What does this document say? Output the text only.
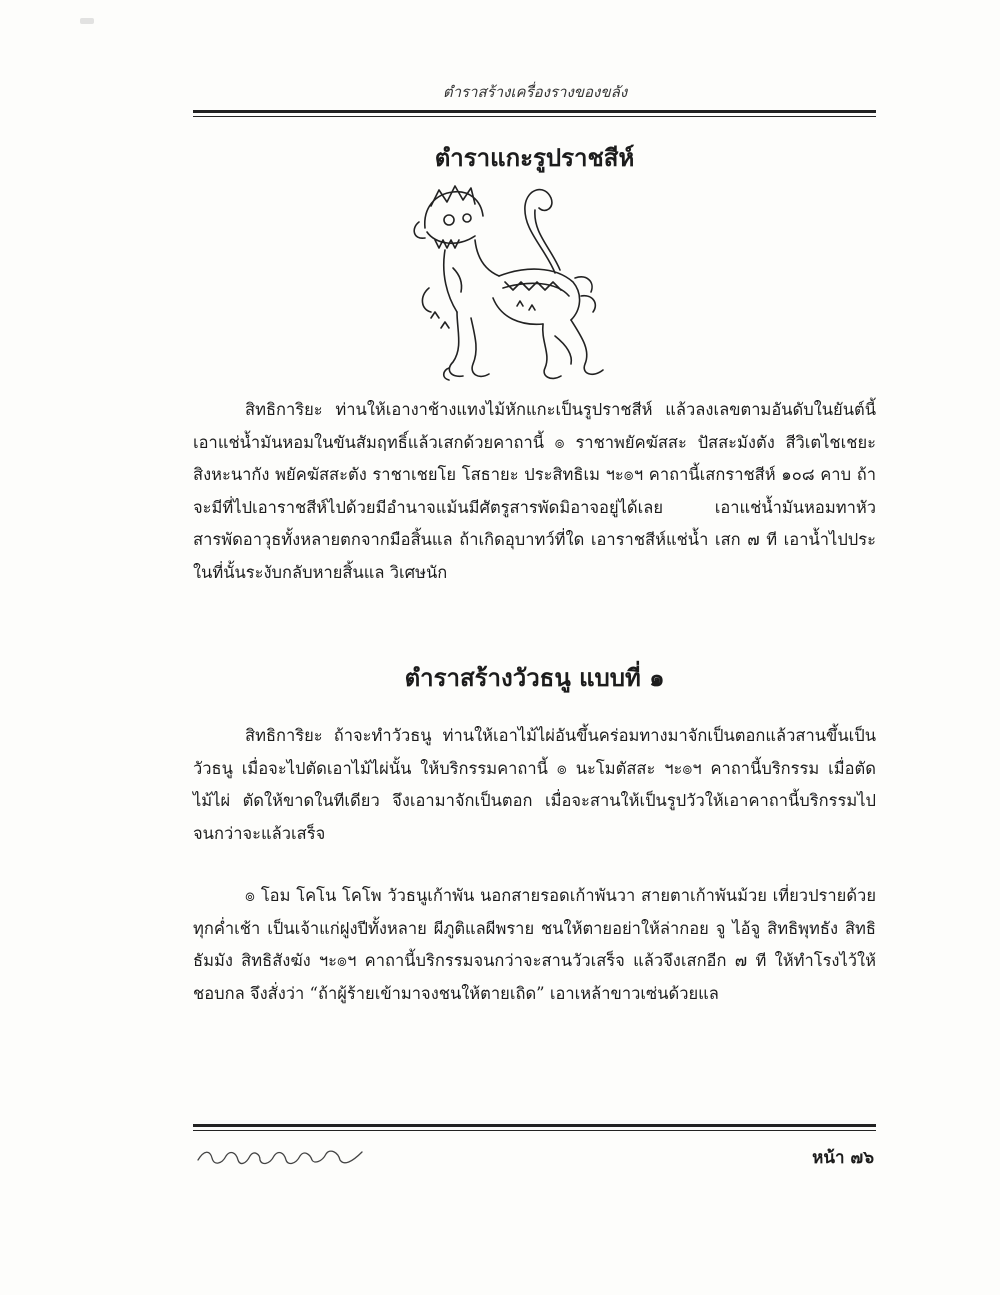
ตำราสร้างเครื่องรางของขลัง
ตำราแกะรูปราชสีห์

สิทธิการิยะ ท่านให้เอางาช้างแทงไม้หักแกะเป็นรูปราชสีห์ แล้วลงเลขตามอันดับในยันต์นี้ เอาแช่น้ำมันหอมในขันสัมฤทธิ์แล้วเสกด้วยคาถานี้ ๏ ราชาพยัคฆัสสะ ปัสสะมังตัง สีวิเตไชเชยะ สิงหะนากัง พยัคฆัสสะตัง ราชาเชยโย โสธายะ ประสิทธิเม ฯะ๏ฯ คาถานี้เสกราชสีห์ ๑๐๘ คาบ ถ้าจะมีที่ไปเอาราชสีห์ไปด้วยมีอำนาจแม้นมีศัตรูสารพัดมิอาจอยู่ได้เลย เอาแช่น้ำมันหอมทาหัว สารพัดอาวุธทั้งหลายตกจากมือสิ้นแล ถ้าเกิดอุบาทว์ที่ใด เอาราชสีห์แช่น้ำ เสก ๗ ที เอาน้ำไปประในที่นั้นระงับกลับหายสิ้นแล วิเศษนัก

ตำราสร้างวัวธนู แบบที่ ๑

สิทธิการิยะ ถ้าจะทำวัวธนู ท่านให้เอาไม้ไผ่อันขึ้นคร่อมทางมาจักเป็นตอกแล้วสานขึ้นเป็นวัวธนู เมื่อจะไปตัดเอาไม้ไผ่นั้น ให้บริกรรมคาถานี้ ๏ นะโมตัสสะ ฯะ๏ฯ คาถานี้บริกรรม เมื่อตัดไม้ไผ่ ตัดให้ขาดในทีเดียว จึงเอามาจักเป็นตอก เมื่อจะสานให้เป็นรูปวัวให้เอาคาถานี้บริกรรมไปจนกว่าจะแล้วเสร็จ

๏ โอม โคโน โคโพ วัวธนูเก้าพัน นอกสายรอดเก้าพันวา สายตาเก้าพันม้วย เที่ยวปรายด้วยทุกค่ำเช้า เป็นเจ้าแก่ฝูงปีทั้งหลาย ผีภูติแลผีพราย ชนให้ตายอย่าให้ล่ากอย จู ไอ้จู สิทธิพุทธัง สิทธิธัมมัง สิทธิสังฆัง ฯะ๏ฯ คาถานี้บริกรรมจนกว่าจะสานวัวเสร็จ แล้วจึงเสกอีก ๗ ที ให้ทำโรงไว้ให้ชอบกล จึงสั่งว่า “ถ้าผู้ร้ายเข้ามาจงชนให้ตายเถิด” เอาเหล้าขาวเซ่นด้วยแล

หน้า ๗๖
